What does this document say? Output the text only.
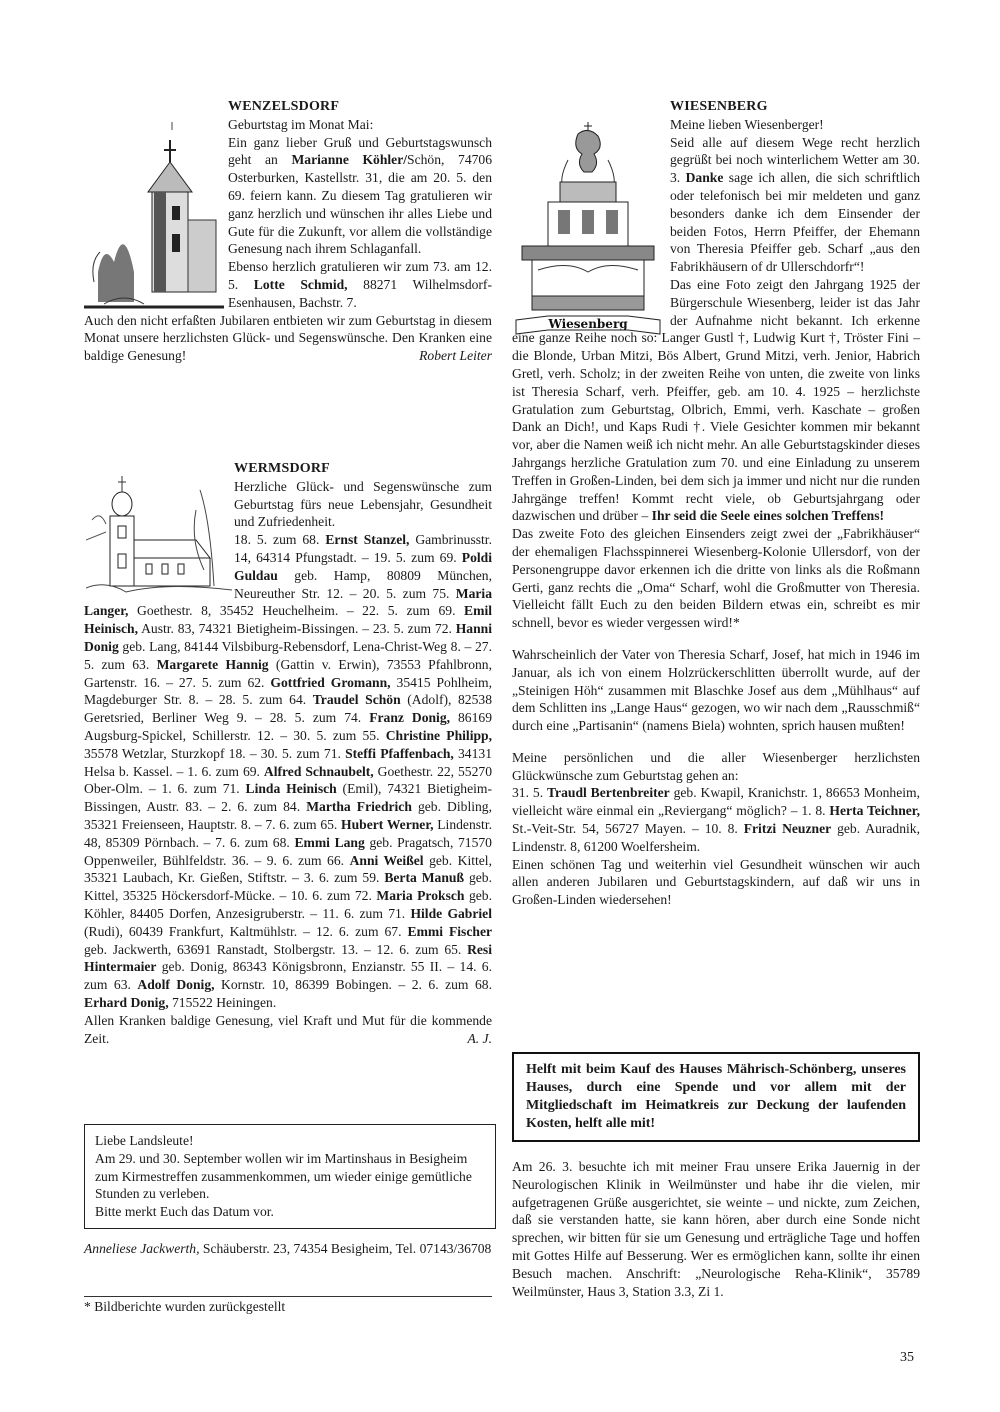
WENZELSDORF

Geburtstag im Monat Mai:

Ein ganz lieber Gruß und Geburtstagswunsch geht an Marianne Köhler/Schön, 74706 Osterburken, Kastellstr. 31, die am 20. 5. den 69. feiern kann. Zu diesem Tag gratulieren wir ganz herzlich und wünschen ihr alles Liebe und Gute für die Zukunft, vor allem die vollständige Genesung nach ihrem Schlaganfall.

Ebenso herzlich gratulieren wir zum 73. am 12. 5. Lotte Schmid, 88271 Wilhelmsdorf-Esenhausen, Bachstr. 7.

Auch den nicht erfaßten Jubilaren entbieten wir zum Geburtstag in diesem Monat unsere herzlichsten Glück- und Segenswünsche. Den Kranken eine baldige Genesung!	Robert Leiter

WERMSDORF

Herzliche Glück- und Segenswünsche zum Geburtstag fürs neue Lebensjahr, Gesundheit und Zufriedenheit.

18. 5. zum 68. Ernst Stanzel, Gambrinusstr. 14, 64314 Pfungstadt. – 19. 5. zum 69. Poldi Guldau geb. Hamp, 80809 München, Neureuther Str. 12. – 20. 5. zum 75. Maria Langer, Goethestr. 8, 35452 Heuchelheim. – 22. 5. zum 69. Emil Heinisch, Austr. 83, 74321 Bietigheim-Bissingen. – 23. 5. zum 72. Hanni Donig geb. Lang, 84144 Vilsbiburg-Rebensdorf, Lena-Christ-Weg 8. – 27. 5. zum 63. Margarete Hannig (Gattin v. Erwin), 73553 Pfahlbronn, Gartenstr. 16. – 27. 5. zum 62. Gottfried Gromann, 35415 Pohlheim, Magdeburger Str. 8. – 28. 5. zum 64. Traudel Schön (Adolf), 82538 Geretsried, Berliner Weg 9. – 28. 5. zum 74. Franz Donig, 86169 Augsburg-Spickel, Schillerstr. 12. – 30. 5. zum 55. Christine Philipp, 35578 Wetzlar, Sturzkopf 18. – 30. 5. zum 71. Steffi Pfaffenbach, 34131 Helsa b. Kassel. – 1. 6. zum 69. Alfred Schnaubelt, Goethestr. 22, 55270 Ober-Olm. – 1. 6. zum 71. Linda Heinisch (Emil), 74321 Bietigheim-Bissingen, Austr. 83. – 2. 6. zum 84. Martha Friedrich geb. Dibling, 35321 Freienseen, Hauptstr. 8. – 7. 6. zum 65. Hubert Werner, Lindenstr. 48, 85309 Pörnbach. – 7. 6. zum 68. Emmi Lang geb. Pragatsch, 71570 Oppenweiler, Bühlfeldstr. 36. – 9. 6. zum 66. Anni Weißel geb. Kittel, 35321 Laubach, Kr. Gießen, Stiftstr. – 3. 6. zum 59. Berta Manuß geb. Kittel, 35325 Höckersdorf-Mücke. – 10. 6. zum 72. Maria Proksch geb. Köhler, 84405 Dorfen, Anzesigruberstr. – 11. 6. zum 71. Hilde Gabriel (Rudi), 60439 Frankfurt, Kaltmühlstr. – 12. 6. zum 67. Emmi Fischer geb. Jackwerth, 63691 Ranstadt, Stolbergstr. 13. – 12. 6. zum 65. Resi Hintermaier geb. Donig, 86343 Königsbronn, Enzianstr. 55 II. – 14. 6. zum 63. Adolf Donig, Kornstr. 10, 86399 Bobingen. – 2. 6. zum 68. Erhard Donig, 715522 Heiningen.

Allen Kranken baldige Genesung, viel Kraft und Mut für die kommende Zeit.	A. J.

Liebe Landsleute!
Am 29. und 30. September wollen wir im Martinshaus in Besigheim zum Kirmestreffen zusammenkommen, um wieder einige gemütliche Stunden zu verleben.
Bitte merkt Euch das Datum vor.
Anneliese Jackwerth, Schäuberstr. 23, 74354 Besigheim, Tel. 07143/36708
* Bildberichte wurden zurückgestellt
Wiesenberg

WIESENBERG

Meine lieben Wiesenberger!

Seid alle auf diesem Wege recht herzlich gegrüßt bei noch winterlichem Wetter am 30. 3. Danke sage ich allen, die sich schriftlich oder telefonisch bei mir meldeten und ganz besonders danke ich dem Einsender der beiden Fotos, Herrn Pfeiffer, der Ehemann von Theresia Pfeiffer geb. Scharf „aus den Fabrikhäusern of dr Ullerschdorfr“!

Das eine Foto zeigt den Jahrgang 1925 der Bürgerschule Wiesenberg, leider ist das Jahr der Aufnahme nicht bekannt. Ich erkenne eine ganze Reihe noch so: Langer Gustl †, Ludwig Kurt †, Tröster Fini – die Blonde, Urban Mitzi, Bös Albert, Grund Mitzi, verh. Jenior, Habrich Gretl, verh. Scholz; in der zweiten Reihe von unten, die zweite von links ist Theresia Scharf, verh. Pfeiffer, geb. am 10. 4. 1925 – herzlichste Gratulation zum Geburtstag, Olbrich, Emmi, verh. Kaschate – großen Dank an Dich!, und Kaps Rudi †. Viele Gesichter kommen mir bekannt vor, aber die Namen weiß ich nicht mehr. An alle Geburtstagskinder dieses Jahrgangs herzliche Gratulation zum 70. und eine Einladung zu unserem Treffen in Großen-Linden, bei dem sich ja immer und nicht nur die runden Jahrgänge treffen! Kommt recht viele, ob Geburtsjahrgang oder dazwischen und drüber – Ihr seid die Seele eines solchen Treffens!

Das zweite Foto des gleichen Einsenders zeigt zwei der „Fabrikhäuser“ der ehemaligen Flachsspinnerei Wiesenberg-Kolonie Ullersdorf, von der Personengruppe davor erkennen ich die dritte von links als die Roßmann Gerti, ganz rechts die „Oma“ Scharf, wohl die Großmutter von Theresia. Vielleicht fällt Euch zu den beiden Bildern etwas ein, schreibt es mir schnell, bevor es wieder vergessen wird!*

Wahrscheinlich der Vater von Theresia Scharf, Josef, hat mich in 1946 im Januar, als ich von einem Holzrückerschlitten überrollt wurde, auf der „Steinigen Höh“ zusammen mit Blaschke Josef aus dem „Mühlhaus“ auf dem Schlitten ins „Lange Haus“ gezogen, wo wir nach dem „Rausschmiß“ durch eine „Partisanin“ (namens Biela) wohnten, sprich hausen mußten!

Meine persönlichen und die aller Wiesenberger herzlichsten Glückwünsche zum Geburtstag gehen an:

31. 5. Traudl Bertenbreiter geb. Kwapil, Kranichstr. 1, 86653 Monheim, vielleicht wäre einmal ein „Reviergang“ möglich? – 1. 8. Herta Teichner, St.-Veit-Str. 54, 56727 Mayen. – 10. 8. Fritzi Neuzner geb. Auradnik, Lindenstr. 8, 61200 Woelfersheim.

Einen schönen Tag und weiterhin viel Gesundheit wünschen wir auch allen anderen Jubilaren und Geburtstagskindern, auf daß wir uns in Großen-Linden wiedersehen!

Helft mit beim Kauf des Hauses Mährisch-Schönberg, unseres Hauses, durch eine Spende und vor allem mit der Mitgliedschaft im Heimatkreis zur Deckung der laufenden Kosten, helft alle mit!
Am 26. 3. besuchte ich mit meiner Frau unsere Erika Jauernig in der Neurologischen Klinik in Weilmünster und habe ihr die vielen, mir aufgetragenen Grüße ausgerichtet, sie weinte – und nickte, zum Zeichen, daß sie verstanden hatte, sie kann hören, aber durch eine Sonde nicht sprechen, wir bitten für sie um Genesung und erträgliche Tage und hoffen mit Gottes Hilfe auf Besserung. Wer es ermöglichen kann, sollte ihr einen Besuch machen. Anschrift: „Neurologische Reha-Klinik“, 35789 Weilmünster, Haus 3, Station 3.3, Zi 1.
35
